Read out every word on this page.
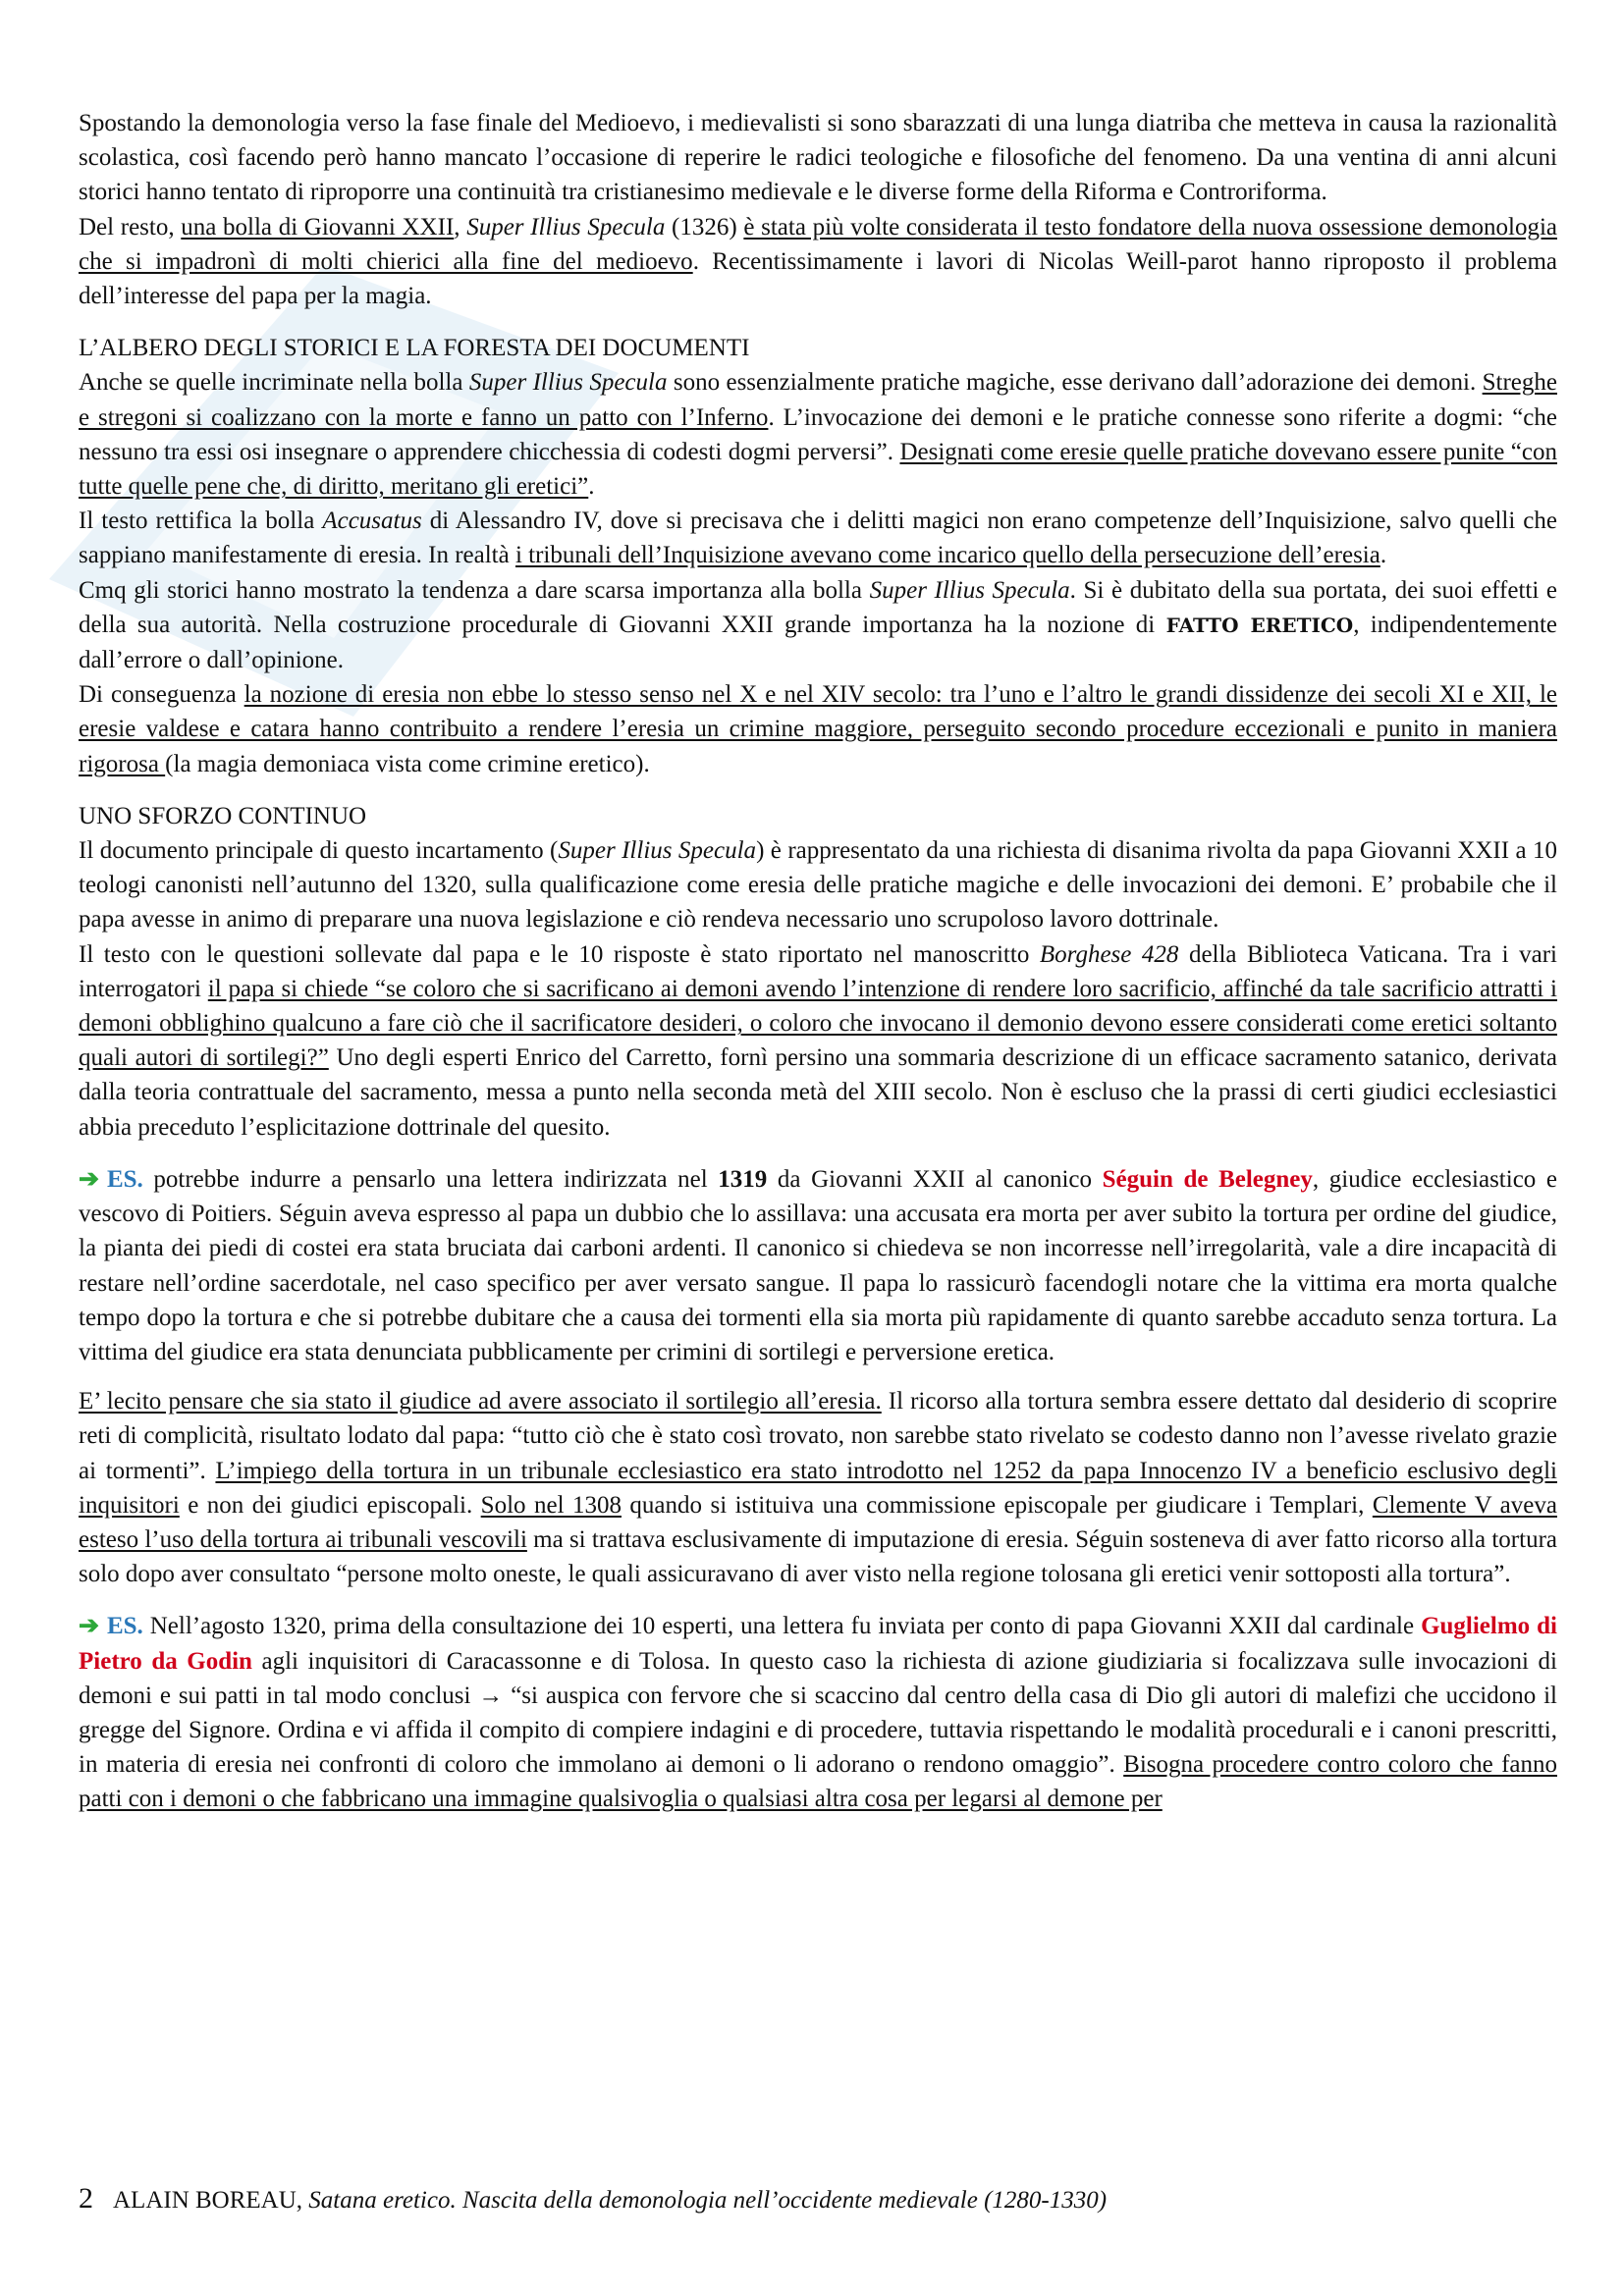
Spostando la demonologia verso la fase finale del Medioevo, i medievalisti si sono sbarazzati di una lunga diatriba che metteva in causa la razionalità scolastica, così facendo però hanno mancato l’occasione di reperire le radici teologiche e filosofiche del fenomeno. Da una ventina di anni alcuni storici hanno tentato di riproporre una continuità tra cristianesimo medievale e le diverse forme della Riforma e Controriforma.

Del resto, una bolla di Giovanni XXII, Super Illius Specula (1326) è stata più volte considerata il testo fondatore della nuova ossessione demonologia che si impadronì di molti chierici alla fine del medioevo. Recentissimamente i lavori di Nicolas Weill-parot hanno riproposto il problema dell’interesse del papa per la magia.

L’ALBERO DEGLI STORICI E LA FORESTA DEI DOCUMENTI

Anche se quelle incriminate nella bolla Super Illius Specula sono essenzialmente pratiche magiche, esse derivano dall’adorazione dei demoni. Streghe e stregoni si coalizzano con la morte e fanno un patto con l’Inferno. L’invocazione dei demoni e le pratiche connesse sono riferite a dogmi: “che nessuno tra essi osi insegnare o apprendere chicchessia di codesti dogmi perversi”. Designati come eresie quelle pratiche dovevano essere punite “con tutte quelle pene che, di diritto, meritano gli eretici”.

Il testo rettifica la bolla Accusatus di Alessandro IV, dove si precisava che i delitti magici non erano competenze dell’Inquisizione, salvo quelli che sappiano manifestamente di eresia. In realtà i tribunali dell’Inquisizione avevano come incarico quello della persecuzione dell’eresia.

Cmq gli storici hanno mostrato la tendenza a dare scarsa importanza alla bolla Super Illius Specula. Si è dubitato della sua portata, dei suoi effetti e della sua autorità. Nella costruzione procedurale di Giovanni XXII grande importanza ha la nozione di FATTO ERETICO, indipendentemente dall’errore o dall’opinione.

Di conseguenza la nozione di eresia non ebbe lo stesso senso nel X e nel XIV secolo: tra l’uno e l’altro le grandi dissidenze dei secoli XI e XII, le eresie valdese e catara hanno contribuito a rendere l’eresia un crimine maggiore, perseguito secondo procedure eccezionali e punito in maniera rigorosa (la magia demoniaca vista come crimine eretico).

UNO SFORZO CONTINUO

Il documento principale di questo incartamento (Super Illius Specula) è rappresentato da una richiesta di disanima rivolta da papa Giovanni XXII a 10 teologi canonisti nell’autunno del 1320, sulla qualificazione come eresia delle pratiche magiche e delle invocazioni dei demoni. E’ probabile che il papa avesse in animo di preparare una nuova legislazione e ciò rendeva necessario uno scrupoloso lavoro dottrinale.

Il testo con le questioni sollevate dal papa e le 10 risposte è stato riportato nel manoscritto Borghese 428 della Biblioteca Vaticana. Tra i vari interrogatori il papa si chiede “se coloro che si sacrificano ai demoni avendo l’intenzione di rendere loro sacrificio, affinché da tale sacrificio attratti i demoni obblighino qualcuno a fare ciò che il sacrificatore desideri, o coloro che invocano il demonio devono essere considerati come eretici soltanto quali autori di sortilegi?” Uno degli esperti Enrico del Carretto, fornì persino una sommaria descrizione di un efficace sacramento satanico, derivata dalla teoria contrattuale del sacramento, messa a punto nella seconda metà del XIII secolo. Non è escluso che la prassi di certi giudici ecclesiastici abbia preceduto l’esplicitazione dottrinale del quesito.

➔ ES. potrebbe indurre a pensarlo una lettera indirizzata nel 1319 da Giovanni XXII al canonico Séguin de Belegney, giudice ecclesiastico e vescovo di Poitiers. Séguin aveva espresso al papa un dubbio che lo assillava: una accusata era morta per aver subito la tortura per ordine del giudice, la pianta dei piedi di costei era stata bruciata dai carboni ardenti. Il canonico si chiedeva se non incorresse nell’irregolarità, vale a dire incapacità di restare nell’ordine sacerdotale, nel caso specifico per aver versato sangue. Il papa lo rassicurò facendogli notare che la vittima era morta qualche tempo dopo la tortura e che si potrebbe dubitare che a causa dei tormenti ella sia morta più rapidamente di quanto sarebbe accaduto senza tortura. La vittima del giudice era stata denunciata pubblicamente per crimini di sortilegi e perversione eretica.

E’ lecito pensare che sia stato il giudice ad avere associato il sortilegio all’eresia. Il ricorso alla tortura sembra essere dettato dal desiderio di scoprire reti di complicità, risultato lodato dal papa: “tutto ciò che è stato così trovato, non sarebbe stato rivelato se codesto danno non l’avesse rivelato grazie ai tormenti”. L’impiego della tortura in un tribunale ecclesiastico era stato introdotto nel 1252 da papa Innocenzo IV a beneficio esclusivo degli inquisitori e non dei giudici episcopali. Solo nel 1308 quando si istituiva una commissione episcopale per giudicare i Templari, Clemente V aveva esteso l’uso della tortura ai tribunali vescovili ma si trattava esclusivamente di imputazione di eresia. Séguin sosteneva di aver fatto ricorso alla tortura solo dopo aver consultato “persone molto oneste, le quali assicuravano di aver visto nella regione tolosana gli eretici venir sottoposti alla tortura”.

➔ ES. Nell’agosto 1320, prima della consultazione dei 10 esperti, una lettera fu inviata per conto di papa Giovanni XXII dal cardinale Guglielmo di Pietro da Godin agli inquisitori di Caracassonne e di Tolosa. In questo caso la richiesta di azione giudiziaria si focalizzava sulle invocazioni di demoni e sui patti in tal modo conclusi → “si auspica con fervore che si scaccino dal centro della casa di Dio gli autori di malefizi che uccidono il gregge del Signore. Ordina e vi affida il compito di compiere indagini e di procedere, tuttavia rispettando le modalità procedurali e i canoni prescritti, in materia di eresia nei confronti di coloro che immolano ai demoni o li adorano o rendono omaggio”. Bisogna procedere contro coloro che fanno patti con i demoni o che fabbricano una immagine qualsivoglia o qualsiasi altra cosa per legarsi al demone per

2 ALAIN BOREAU, Satana eretico. Nascita della demonologia nell’occidente medievale (1280-1330)
